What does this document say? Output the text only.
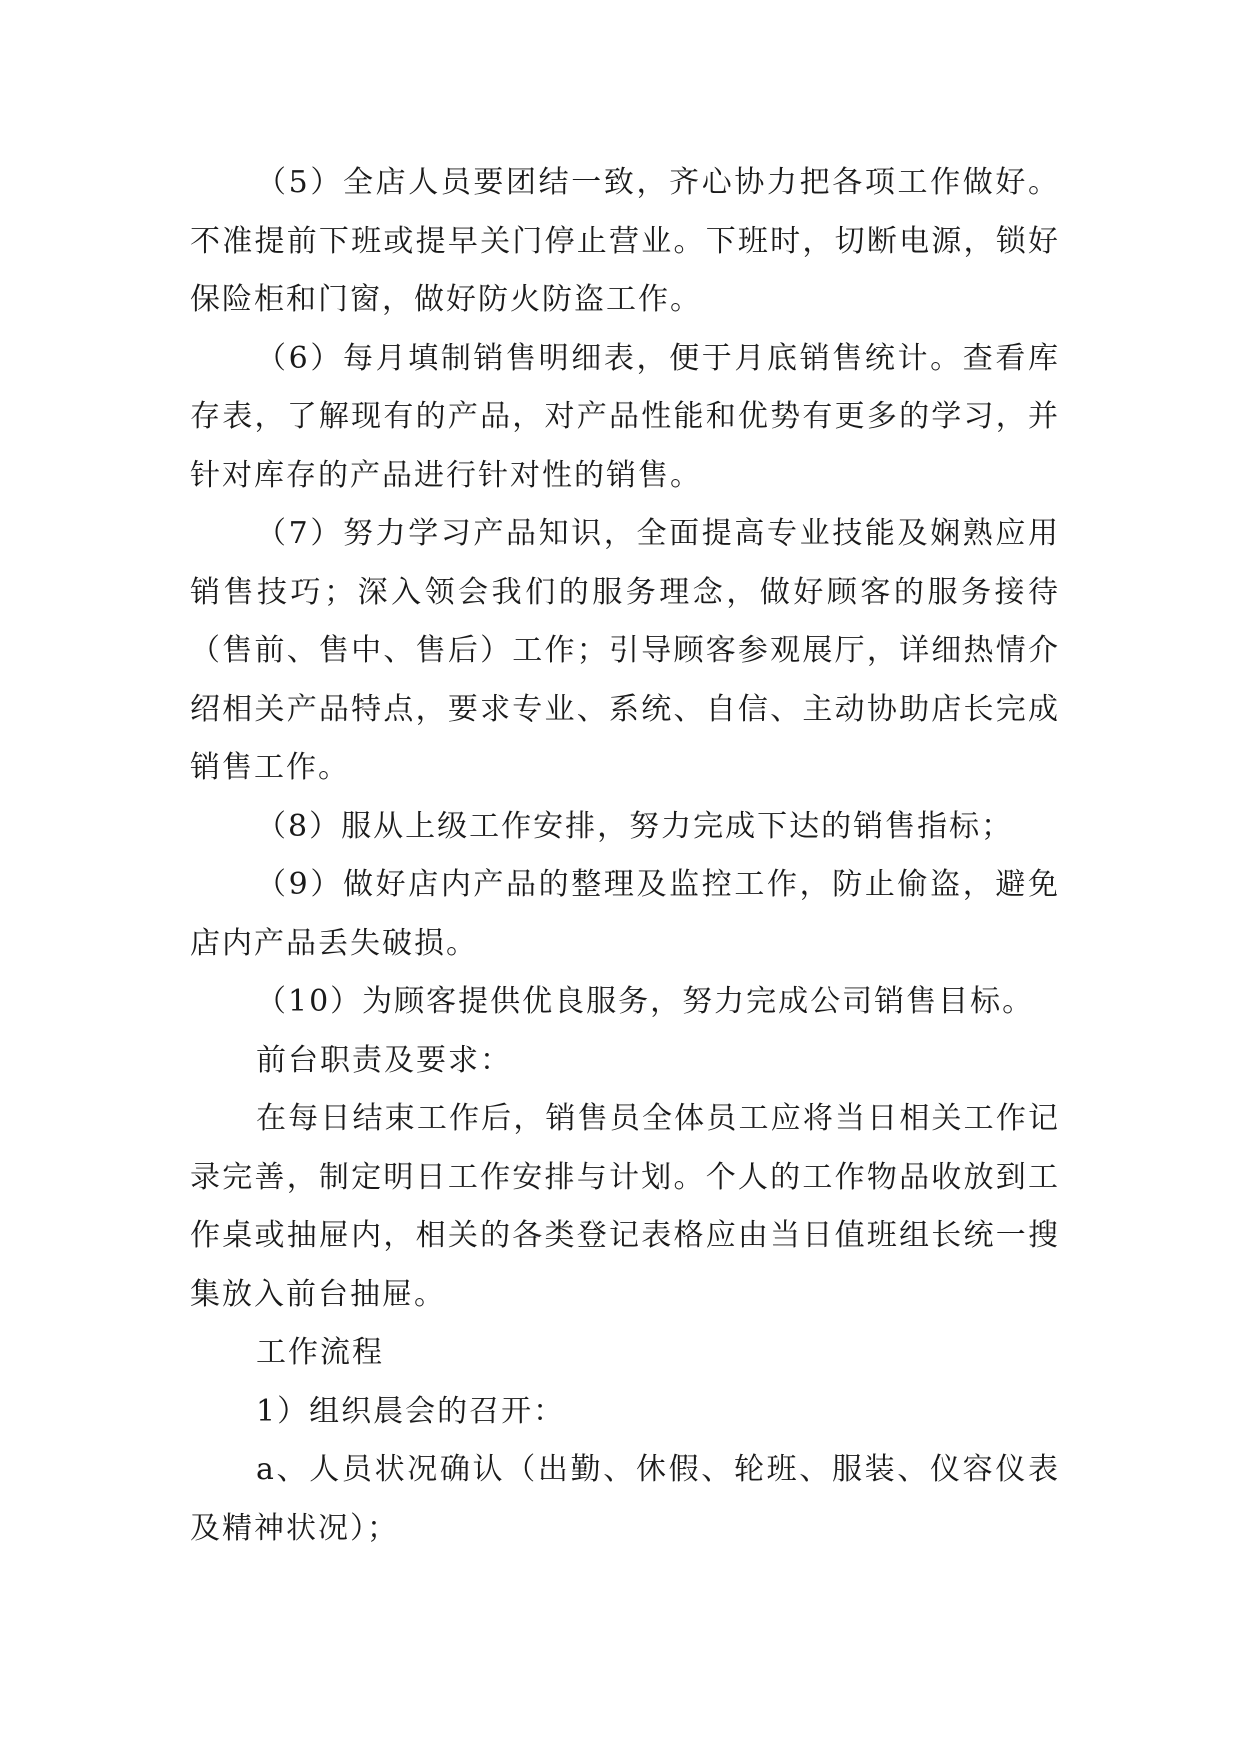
（5）全店人员要团结一致，齐心协力把各项工作做好。不准提前下班或提早关门停止营业。下班时，切断电源，锁好保险柜和门窗，做好防火防盗工作。

（6）每月填制销售明细表，便于月底销售统计。查看库存表，了解现有的产品，对产品性能和优势有更多的学习，并针对库存的产品进行针对性的销售。

（7）努力学习产品知识，全面提高专业技能及娴熟应用销售技巧；深入领会我们的服务理念，做好顾客的服务接待（售前、售中、售后）工作；引导顾客参观展厅，详细热情介绍相关产品特点，要求专业、系统、自信、主动协助店长完成销售工作。

（8）服从上级工作安排，努力完成下达的销售指标；

（9）做好店内产品的整理及监控工作，防止偷盗，避免店内产品丢失破损。

（10）为顾客提供优良服务，努力完成公司销售目标。

前台职责及要求：

在每日结束工作后，销售员全体员工应将当日相关工作记录完善，制定明日工作安排与计划。个人的工作物品收放到工作桌或抽屉内，相关的各类登记表格应由当日值班组长统一搜集放入前台抽屉。

工作流程

1）组织晨会的召开：

a、人员状况确认（出勤、休假、轮班、服装、仪容仪表及精神状况）；
